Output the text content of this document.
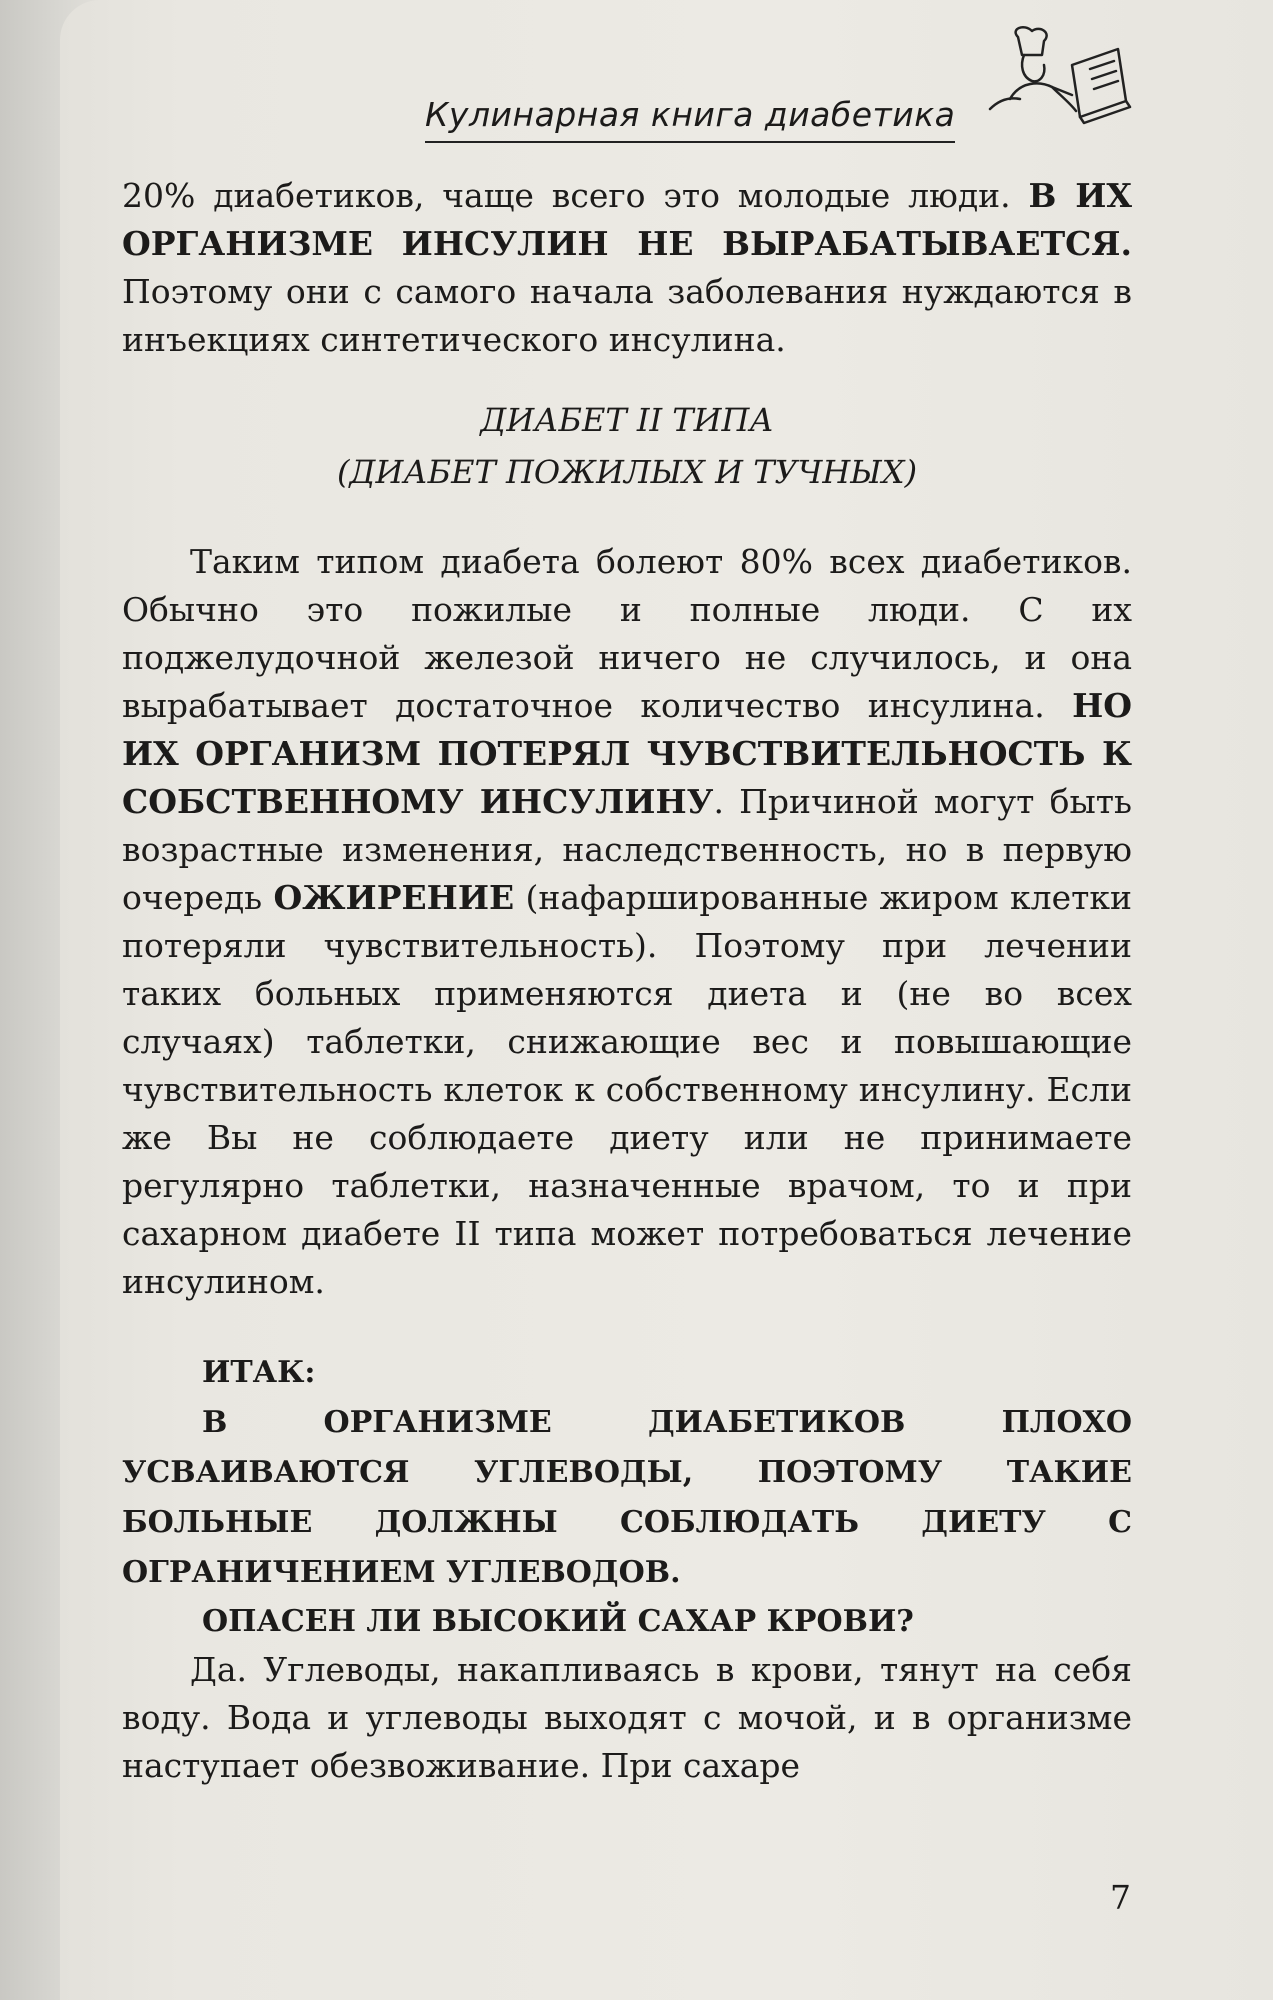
Кулинарная книга диабетика

20% диабетиков, чаще всего это молодые люди. В ИХ ОРГАНИЗМЕ ИНСУЛИН НЕ ВЫРАБАТЫВАЕТСЯ. Поэтому они с самого начала заболевания нуждаются в инъекциях синтетического инсулина.

ДИАБЕТ II ТИПА
(ДИАБЕТ ПОЖИЛЫХ И ТУЧНЫХ)

Таким типом диабета болеют 80% всех диабетиков. Обычно это пожилые и полные люди. С их поджелудочной железой ничего не случилось, и она вырабатывает достаточное количество инсулина. НО ИХ ОРГАНИЗМ ПОТЕРЯЛ ЧУВСТВИТЕЛЬНОСТЬ К СОБСТВЕННОМУ ИНСУЛИНУ. Причиной могут быть возрастные изменения, наследственность, но в первую очередь ОЖИРЕНИЕ (нафаршированные жиром клетки потеряли чувствительность). Поэтому при лечении таких больных применяются диета и (не во всех случаях) таблетки, снижающие вес и повышающие чувствительность клеток к собственному инсулину. Если же Вы не соблюдаете диету или не принимаете регулярно таблетки, назначенные врачом, то и при сахарном диабете II типа может потребоваться лечение инсулином.

ИТАК:

В ОРГАНИЗМЕ ДИАБЕТИКОВ ПЛОХО УСВАИВАЮТСЯ УГЛЕВОДЫ, ПОЭТОМУ ТАКИЕ БОЛЬНЫЕ ДОЛЖНЫ СОБЛЮДАТЬ ДИЕТУ С ОГРАНИЧЕНИЕМ УГЛЕВОДОВ.

ОПАСЕН ЛИ ВЫСОКИЙ САХАР КРОВИ?

Да. Углеводы, накапливаясь в крови, тянут на себя воду. Вода и углеводы выходят с мочой, и в организме наступает обезвоживание. При сахаре

7
